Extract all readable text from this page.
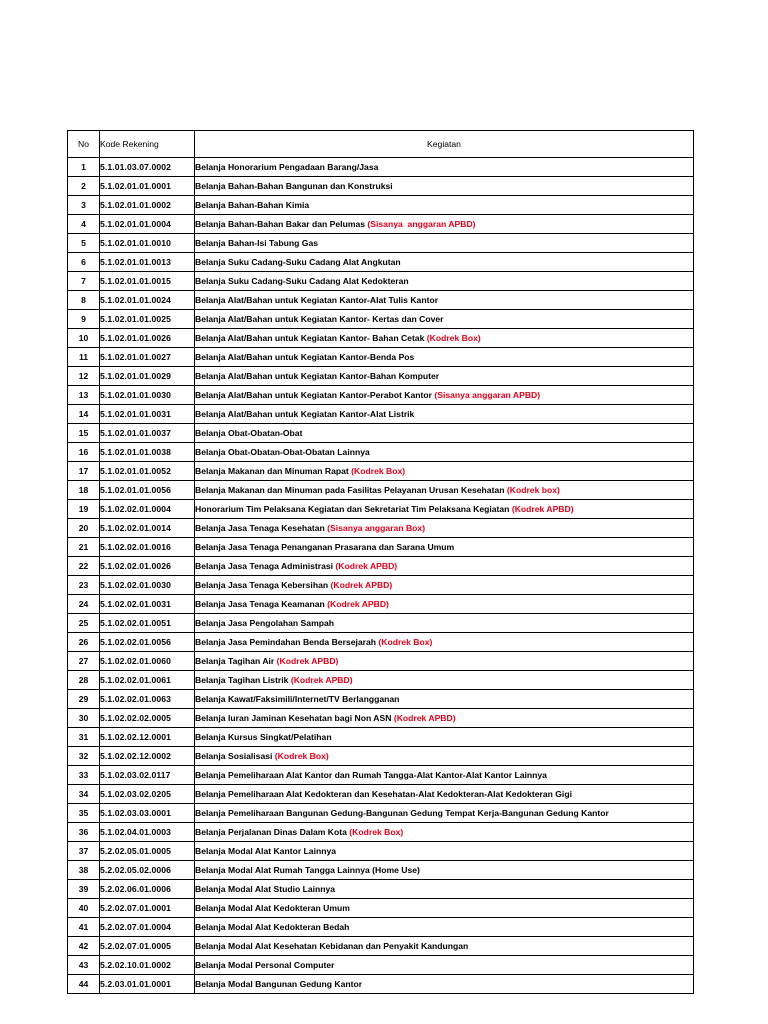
No	Kode Rekening	Kegiatan
1	5.1.01.03.07.0002	Belanja Honorarium Pengadaan Barang/Jasa
2	5.1.02.01.01.0001	Belanja Bahan-Bahan Bangunan dan Konstruksi
3	5.1.02.01.01.0002	Belanja Bahan-Bahan Kimia
4	5.1.02.01.01.0004	Belanja Bahan-Bahan Bakar dan Pelumas (Sisanya  anggaran APBD)
5	5.1.02.01.01.0010	Belanja Bahan-Isi Tabung Gas
6	5.1.02.01.01.0013	Belanja Suku Cadang-Suku Cadang Alat Angkutan
7	5.1.02.01.01.0015	Belanja Suku Cadang-Suku Cadang Alat Kedokteran
8	5.1.02.01.01.0024	Belanja Alat/Bahan untuk Kegiatan Kantor-Alat Tulis Kantor
9	5.1.02.01.01.0025	Belanja Alat/Bahan untuk Kegiatan Kantor- Kertas dan Cover
10	5.1.02.01.01.0026	Belanja Alat/Bahan untuk Kegiatan Kantor- Bahan Cetak (Kodrek Box)
11	5.1.02.01.01.0027	Belanja Alat/Bahan untuk Kegiatan Kantor-Benda Pos
12	5.1.02.01.01.0029	Belanja Alat/Bahan untuk Kegiatan Kantor-Bahan Komputer
13	5.1.02.01.01.0030	Belanja Alat/Bahan untuk Kegiatan Kantor-Perabot Kantor (Sisanya anggaran APBD)
14	5.1.02.01.01.0031	Belanja Alat/Bahan untuk Kegiatan Kantor-Alat Listrik
15	5.1.02.01.01.0037	Belanja Obat-Obatan-Obat
16	5.1.02.01.01.0038	Belanja Obat-Obatan-Obat-Obatan Lainnya
17	5.1.02.01.01.0052	Belanja Makanan dan Minuman Rapat (Kodrek Box)
18	5.1.02.01.01.0056	Belanja Makanan dan Minuman pada Fasilitas Pelayanan Urusan Kesehatan (Kodrek box)
19	5.1.02.02.01.0004	Honorarium Tim Pelaksana Kegiatan dan Sekretariat Tim Pelaksana Kegiatan (Kodrek APBD)
20	5.1.02.02.01.0014	Belanja Jasa Tenaga Kesehatan (Sisanya anggaran Box)
21	5.1.02.02.01.0016	Belanja Jasa Tenaga Penanganan Prasarana dan Sarana Umum
22	5.1.02.02.01.0026	Belanja Jasa Tenaga Administrasi (Kodrek APBD)
23	5.1.02.02.01.0030	Belanja Jasa Tenaga Kebersihan (Kodrek APBD)
24	5.1.02.02.01.0031	Belanja Jasa Tenaga Keamanan (Kodrek APBD)
25	5.1.02.02.01.0051	Belanja Jasa Pengolahan Sampah
26	5.1.02.02.01.0056	Belanja Jasa Pemindahan Benda Bersejarah (Kodrek Box)
27	5.1.02.02.01.0060	Belanja Tagihan Air (Kodrek APBD)
28	5.1.02.02.01.0061	Belanja Tagihan Listrik (Kodrek APBD)
29	5.1.02.02.01.0063	Belanja Kawat/Faksimili/Internet/TV Berlangganan
30	5.1.02.02.02.0005	Belanja Iuran Jaminan Kesehatan bagi Non ASN (Kodrek APBD)
31	5.1.02.02.12.0001	Belanja Kursus Singkat/Pelatihan
32	5.1.02.02.12.0002	Belanja Sosialisasi (Kodrek Box)
33	5.1.02.03.02.0117	Belanja Pemeliharaan Alat Kantor dan Rumah Tangga-Alat Kantor-Alat Kantor Lainnya
34	5.1.02.03.02.0205	Belanja Pemeliharaan Alat Kedokteran dan Kesehatan-Alat Kedokteran-Alat Kedokteran Gigi
35	5.1.02.03.03.0001	Belanja Pemeliharaan Bangunan Gedung-Bangunan Gedung Tempat Kerja-Bangunan Gedung Kantor
36	5.1.02.04.01.0003	Belanja Perjalanan Dinas Dalam Kota (Kodrek Box)
37	5.2.02.05.01.0005	Belanja Modal Alat Kantor Lainnya
38	5.2.02.05.02.0006	Belanja Modal Alat Rumah Tangga Lainnya (Home Use)
39	5.2.02.06.01.0006	Belanja Modal Alat Studio Lainnya
40	5.2.02.07.01.0001	Belanja Modal Alat Kedokteran Umum
41	5.2.02.07.01.0004	Belanja Modal Alat Kedokteran Bedah
42	5.2.02.07.01.0005	Belanja Modal Alat Kesehatan Kebidanan dan Penyakit Kandungan
43	5.2.02.10.01.0002	Belanja Modal Personal Computer
44	5.2.03.01.01.0001	Belanja Modal Bangunan Gedung Kantor
